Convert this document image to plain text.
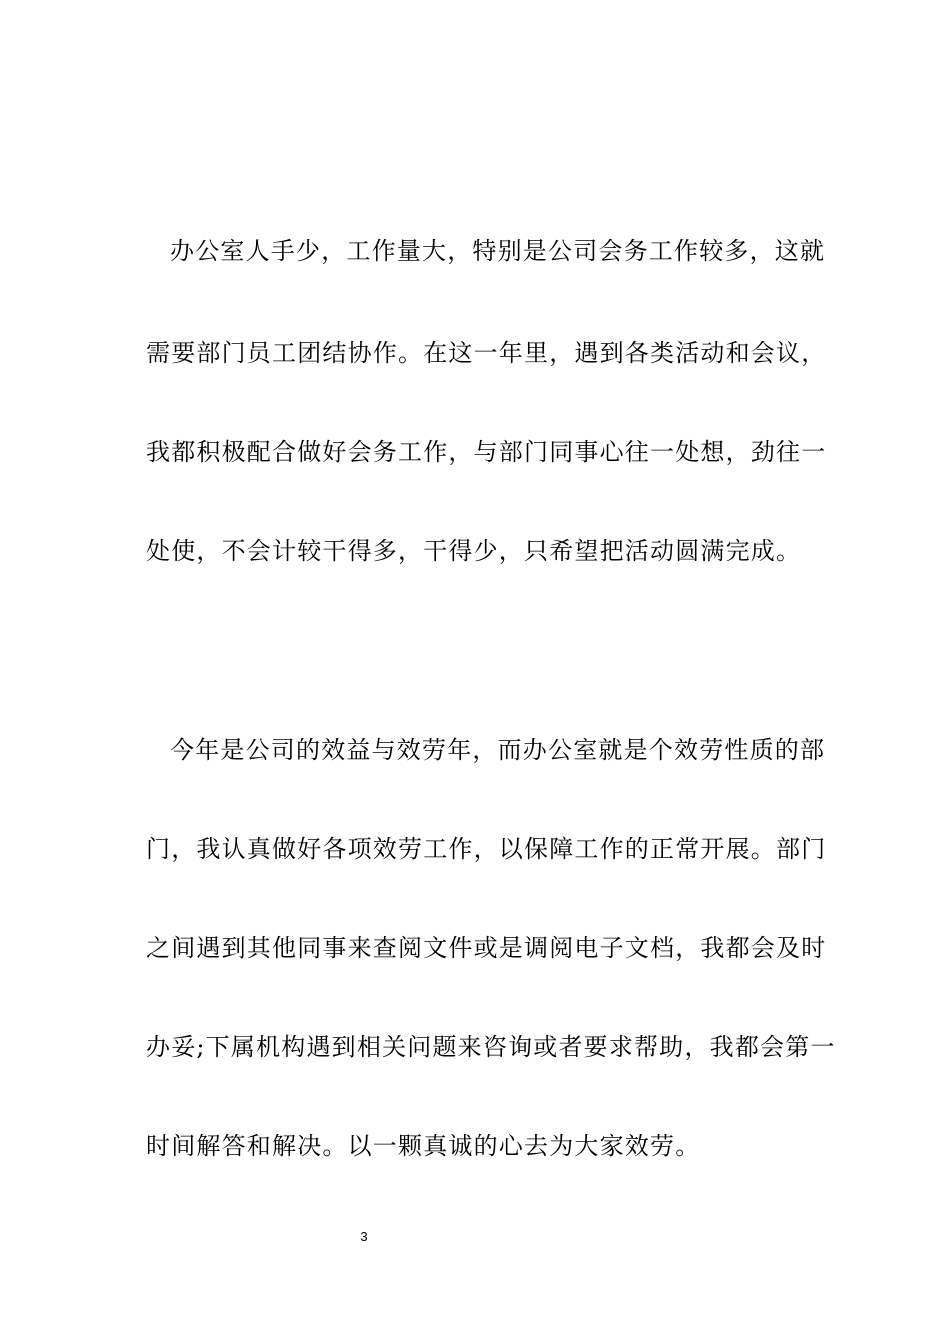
办公室人手少，工作量大，特别是公司会务工作较多，这就
需要部门员工团结协作。在这一年里，遇到各类活动和会议，
我都积极配合做好会务工作，与部门同事心往一处想，劲往一
处使，不会计较干得多，干得少，只希望把活动圆满完成。
今年是公司的效益与效劳年，而办公室就是个效劳性质的部
门，我认真做好各项效劳工作，以保障工作的正常开展。部门
之间遇到其他同事来查阅文件或是调阅电子文档，我都会及时
办妥;下属机构遇到相关问题来咨询或者要求帮助，我都会第一
时间解答和解决。以一颗真诚的心去为大家效劳。
3
